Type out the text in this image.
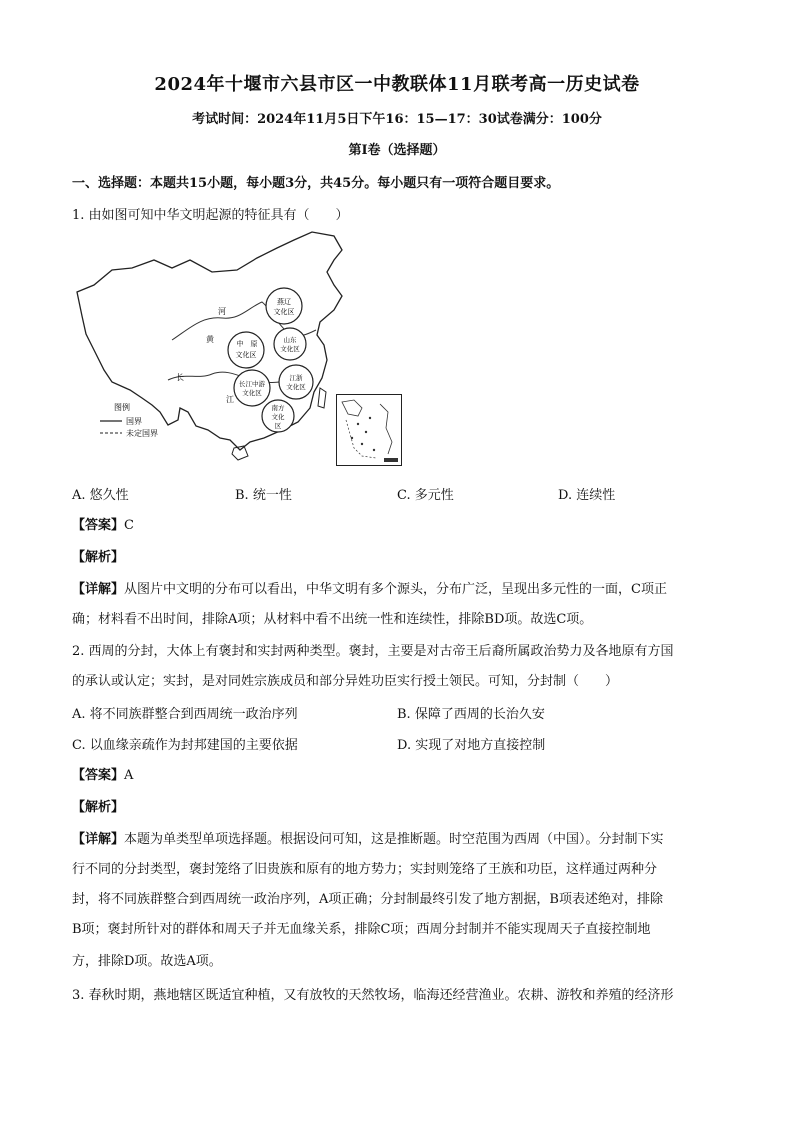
2024年十堰市六县市区一中教联体11月联考高一历史试卷
考试时间：2024年11月5日下午16：15—17：30试卷满分：100分
第Ⅰ卷（选择题）
一、选择题：本题共15小题，每小题3分，共45分。每小题只有一项符合题目要求。
1. 由如图可知中华文明起源的特征具有（　　）
燕辽
文化区
中 原
文化区
山东
文化区
长江中游
文化区
江浙
文化区
南方
文化
区
河
黄
长
江
图例
国界
未定国界
A. 悠久性	B. 统一性	C. 多元性	D. 连续性
【答案】C
【解析】
【详解】从图片中文明的分布可以看出，中华文明有多个源头，分布广泛，呈现出多元性的一面，C项正
确；材料看不出时间，排除A项；从材料中看不出统一性和连续性，排除BD项。故选C项。
2. 西周的分封，大体上有褒封和实封两种类型。褒封，主要是对古帝王后裔所属政治势力及各地原有方国
的承认或认定；实封，是对同姓宗族成员和部分异姓功臣实行授土领民。可知，分封制（　　）
A. 将不同族群整合到西周统一政治序列	B. 保障了西周的长治久安
C. 以血缘亲疏作为封邦建国的主要依据	D. 实现了对地方直接控制
【答案】A
【解析】
【详解】本题为单类型单项选择题。根据设问可知，这是推断题。时空范围为西周（中国）。分封制下实
行不同的分封类型，褒封笼络了旧贵族和原有的地方势力；实封则笼络了王族和功臣，这样通过两种分
封，将不同族群整合到西周统一政治序列，A项正确；分封制最终引发了地方割据，B项表述绝对，排除
B项；褒封所针对的群体和周天子并无血缘关系，排除C项；西周分封制并不能实现周天子直接控制地
方，排除D项。故选A项。
3. 春秋时期，燕地辖区既适宜种植，又有放牧的天然牧场，临海还经营渔业。农耕、游牧和养殖的经济形
